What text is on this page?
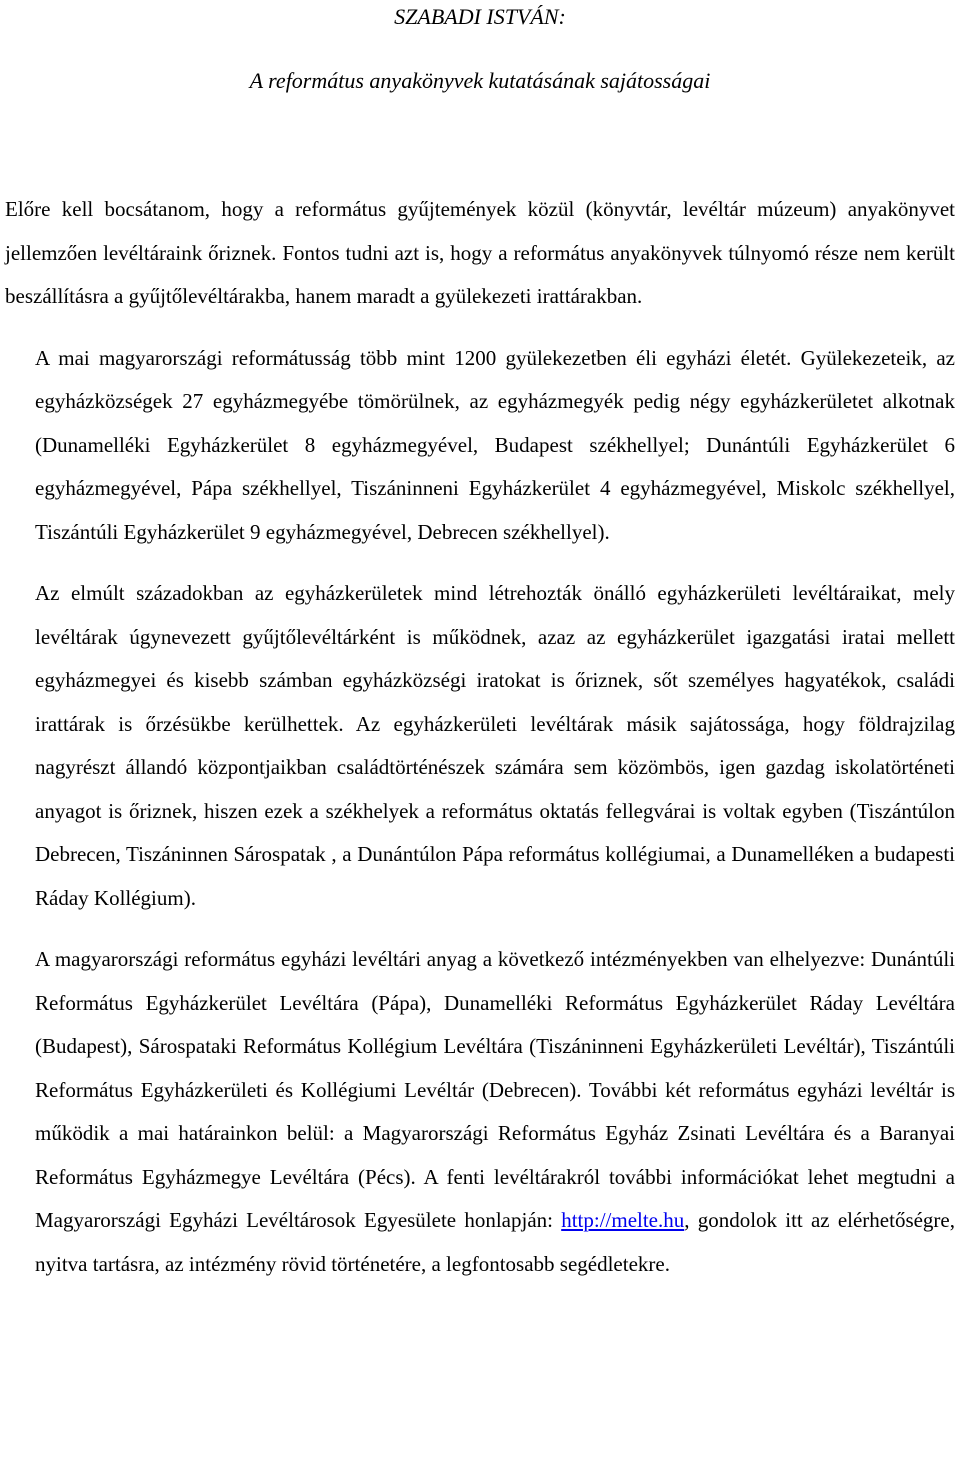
SZABADI ISTVÁN:
A református anyakönyvek kutatásának sajátosságai

Előre kell bocsátanom, hogy a református gyűjtemények közül (könyvtár, levéltár múzeum) anyakönyvet jellemzően levéltáraink őriznek. Fontos tudni azt is, hogy a református anyakönyvek túlnyomó része nem került beszállításra a gyűjtőlevéltárakba, hanem maradt a gyülekezeti irattárakban.

A mai magyarországi reformátusság több mint 1200 gyülekezetben éli egyházi életét. Gyülekezeteik, az egyházközségek 27 egyházmegyébe tömörülnek, az egyházmegyék pedig négy egyházkerületet alkotnak (Dunamelléki Egyházkerület 8 egyházmegyével, Budapest székhellyel; Dunántúli Egyházkerület 6 egyházmegyével, Pápa székhellyel, Tiszáninneni Egyházkerület 4 egyházmegyével, Miskolc székhellyel, Tiszántúli Egyházkerület 9 egyházmegyével, Debrecen székhellyel).

Az elmúlt századokban az egyházkerületek mind létrehozták önálló egyházkerületi levéltáraikat, mely levéltárak úgynevezett gyűjtőlevéltárként is működnek, azaz az egyházkerület igazgatási iratai mellett egyházmegyei és kisebb számban egyházközségi iratokat is őriznek, sőt személyes hagyatékok, családi irattárak is őrzésükbe kerülhettek. Az egyházkerületi levéltárak másik sajátossága, hogy földrajzilag nagyrészt állandó központjaikban családtörténészek számára sem közömbös, igen gazdag iskolatörténeti anyagot is őriznek, hiszen ezek a székhelyek a református oktatás fellegvárai is voltak egyben (Tiszántúlon Debrecen, Tiszáninnen Sárospatak , a Dunántúlon Pápa református kollégiumai, a Dunamelléken a budapesti Ráday Kollégium).

A magyarországi református egyházi levéltári anyag a következő intézményekben van elhelyezve: Dunántúli Református Egyházkerület Levéltára (Pápa), Dunamelléki Református Egyházkerület Ráday Levéltára (Budapest), Sárospataki Református Kollégium Levéltára (Tiszáninneni Egyházkerületi Levéltár), Tiszántúli Református Egyházkerületi és Kollégiumi Levéltár (Debrecen). További két református egyházi levéltár is működik a mai határainkon belül: a Magyarországi Református Egyház Zsinati Levéltára és a Baranyai Református Egyházmegye Levéltára (Pécs). A fenti levéltárakról további információkat lehet megtudni a Magyarországi Egyházi Levéltárosok Egyesülete honlapján: http://melte.hu, gondolok itt az elérhetőségre, nyitva tartásra, az intézmény rövid történetére, a legfontosabb segédletekre.
